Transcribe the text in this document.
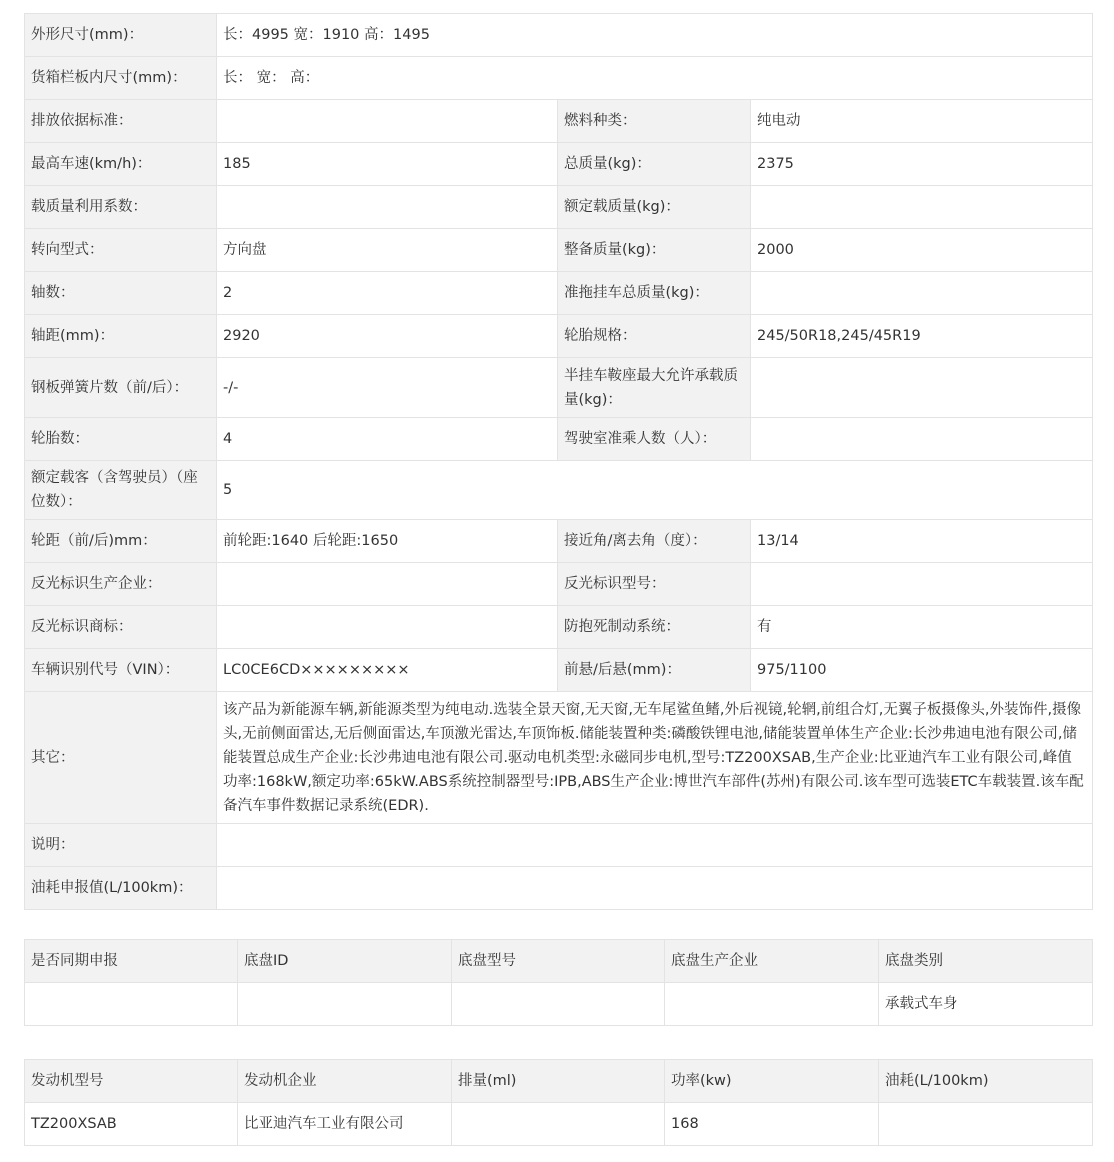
外形尺寸(mm)：	长：4995 宽：1910 高：1495		
货箱栏板内尺寸(mm)：	长： 宽： 高：		
排放依据标准：		燃料种类：	纯电动
最高车速(km/h)：	185	总质量(kg)：	2375
载质量利用系数：		额定载质量(kg)：	
转向型式：	方向盘	整备质量(kg)：	2000
轴数：	2	准拖挂车总质量(kg)：	
轴距(mm)：	2920	轮胎规格：	245/50R18,245/45R19
钢板弹簧片数（前/后）：	-/-	半挂车鞍座最大允许承载质量(kg)：	
轮胎数：	4	驾驶室准乘人数（人）：	
额定载客（含驾驶员）（座位数）：	5		
轮距（前/后)mm：	前轮距:1640 后轮距:1650	接近角/离去角（度）：	13/14
反光标识生产企业：		反光标识型号：	
反光标识商标：		防抱死制动系统：	有
车辆识别代号（VIN）：	LC0CE6CD×××××××××	前悬/后悬(mm)：	975/1100
其它：	该产品为新能源车辆,新能源类型为纯电动.选装全景天窗,无天窗,无车尾鲨鱼鳍,外后视镜,轮辋,前组合灯,无翼子板摄像头,外装饰件,摄像头,无前侧面雷达,无后侧面雷达,车顶激光雷达,车顶饰板.储能装置种类:磷酸铁锂电池,储能装置单体生产企业:长沙弗迪电池有限公司,储能装置总成生产企业:长沙弗迪电池有限公司.驱动电机类型:永磁同步电机,型号:TZ200XSAB,生产企业:比亚迪汽车工业有限公司,峰值功率:168kW,额定功率:65kW.ABS系统控制器型号:IPB,ABS生产企业:博世汽车部件(苏州)有限公司.该车型可选装ETC车载装置.该车配备汽车事件数据记录系统(EDR).		
说明：			
油耗申报值(L/100km)：			
是否同期申报	底盘ID	底盘型号	底盘生产企业	底盘类别
				承载式车身
发动机型号	发动机企业	排量(ml)	功率(kw)	油耗(L/100km)
TZ200XSAB	比亚迪汽车工业有限公司		168	
